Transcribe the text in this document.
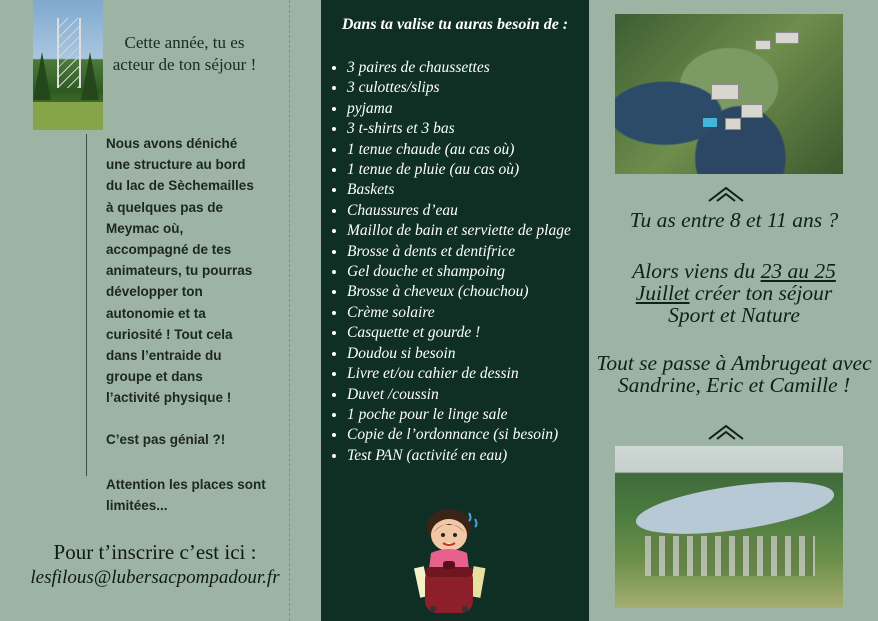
Cette année, tu es acteur de ton séjour !

Nous avons déniché

une structure au bord

du lac de Sèchemailles

à quelques pas de

Meymac où,

accompagné de tes

animateurs, tu pourras

développer ton

autonomie et ta

curiosité ! Tout cela

dans l’entraide du

groupe et dans

l’activité physique !

C’est pas génial ?!
Attention les places sont limitées...
Pour t’inscrire c’est ici :
lesfilous@lubersacpompadour.fr
Dans ta valise tu auras besoin de :
• 3 paires de chaussettes
• 3 culottes/slips
• pyjama
• 3 t-shirts et 3 bas
• 1 tenue chaude (au cas où)
• 1 tenue de pluie (au cas où)
• Baskets
• Chaussures d’eau
• Maillot de bain et serviette de plage
• Brosse à dents et dentifrice
• Gel douche et shampoing
• Brosse à cheveux (chouchou)
• Crème solaire
• Casquette et gourde !
• Doudou si besoin
• Livre et/ou cahier de dessin
• Duvet /coussin
• 1 poche pour le linge sale
• Copie de l’ordonnance (si besoin)
• Test PAN (activité en eau)
Tu as entre 8 et 11 ans ?
Alors viens du 23 au 25
Juillet créer ton séjour
Sport et Nature
Tout se passe à Ambrugeat avec Sandrine, Eric et Camille !
